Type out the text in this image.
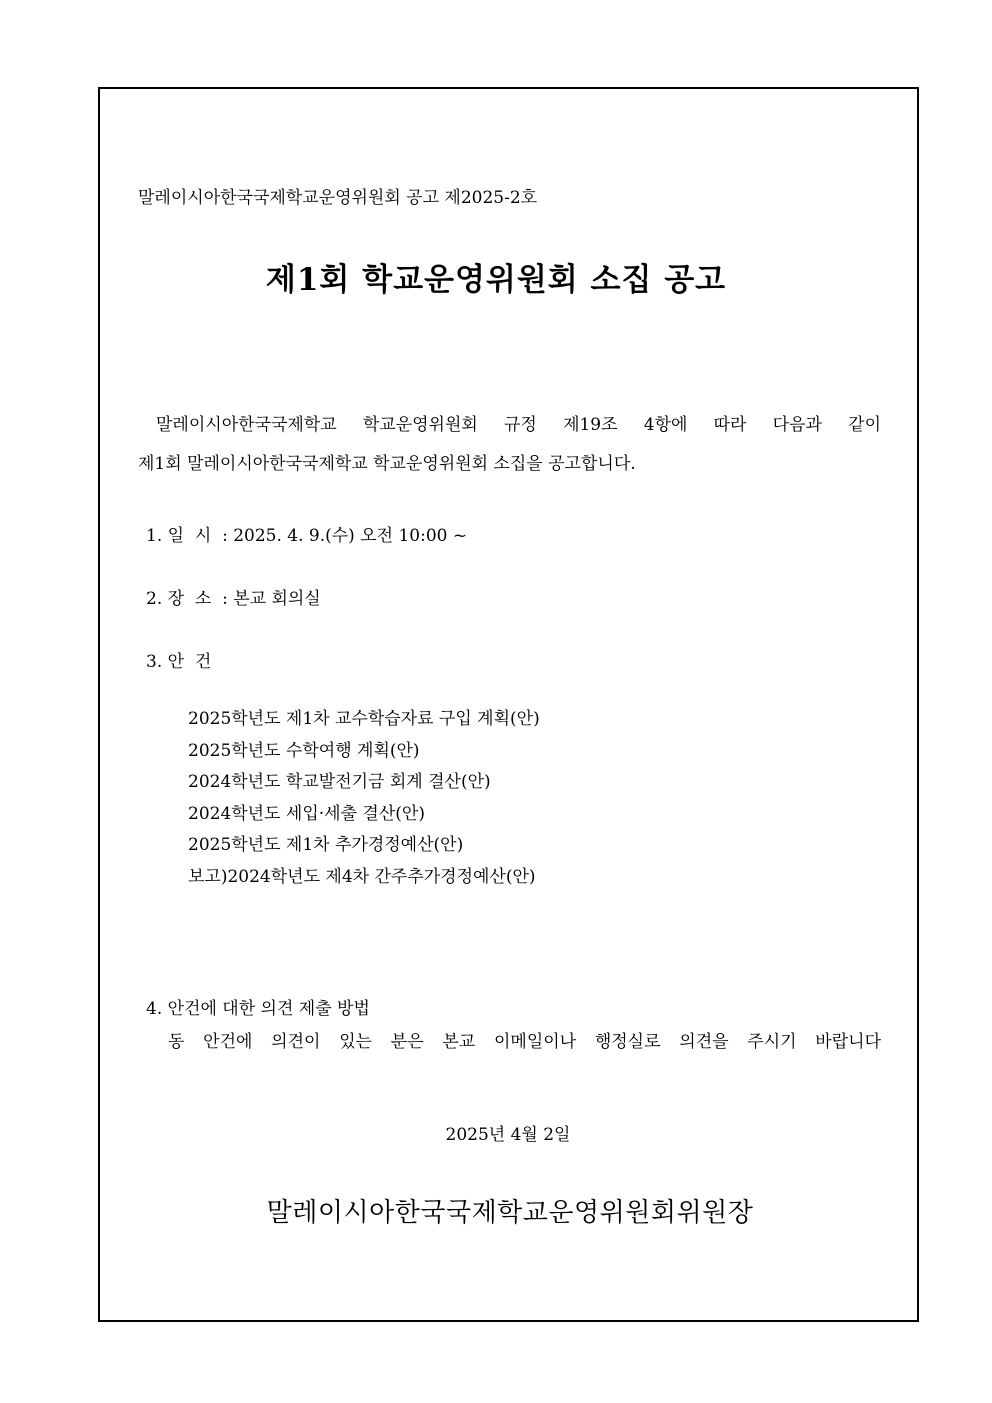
말레이시아한국국제학교운영위원회 공고 제2025-2호

제1회 학교운영위원회 소집 공고

말레이시아한국국제학교 학교운영위원회 규정 제19조 4항에 따라 다음과 같이

제1회 말레이시아한국국제학교 학교운영위원회 소집을 공고합니다.

1. 일  시  : 2025. 4. 9.(수) 오전 10:00 ~

2. 장  소  : 본교 회의실

3. 안  건

2025학년도 제1차 교수학습자료 구입 계획(안)
2025학년도 수학여행 계획(안)
2024학년도 학교발전기금 회계 결산(안)
2024학년도 세입·세출 결산(안)
2025학년도 제1차 추가경정예산(안)
보고)2024학년도 제4차 간주추가경정예산(안)

4. 안건에 대한 의견 제출 방법

동 안건에 의견이 있는 분은 본교 이메일이나 행정실로 의견을 주시기 바랍니다

2025년 4월 2일

말레이시아한국국제학교운영위원회위원장
